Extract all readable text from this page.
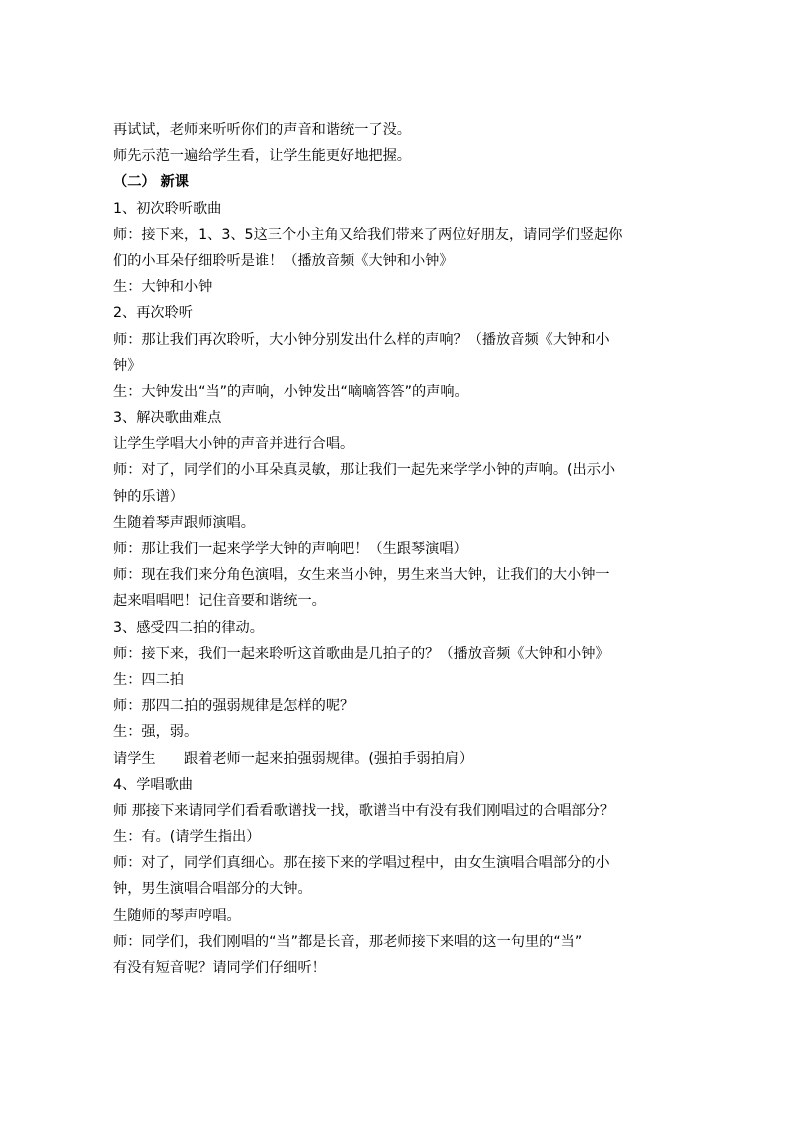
再试试，老师来听听你们的声音和谐统一了没。
师先示范一遍给学生看，让学生能更好地把握。
（二） 新课
1、初次聆听歌曲
师：接下来，1、3、5这三个小主角又给我们带来了两位好朋友，请同学们竖起你
们的小耳朵仔细聆听是谁！（播放音频《大钟和小钟》
生：大钟和小钟
2、再次聆听
师：那让我们再次聆听，大小钟分别发出什么样的声响？（播放音频《大钟和小
钟》
生：大钟发出“当”的声响，小钟发出“嘀嘀答答”的声响。
3、解决歌曲难点
让学生学唱大小钟的声音并进行合唱。
师：对了，同学们的小耳朵真灵敏，那让我们一起先来学学小钟的声响。(出示小
钟的乐谱）
生随着琴声跟师演唱。
师：那让我们一起来学学大钟的声响吧！（生跟琴演唱）
师：现在我们来分角色演唱，女生来当小钟，男生来当大钟，让我们的大小钟一
起来唱唱吧！记住音要和谐统一。
3、感受四二拍的律动。
师：接下来，我们一起来聆听这首歌曲是几拍子的？（播放音频《大钟和小钟》
生：四二拍
师：那四二拍的强弱规律是怎样的呢？
生：强，弱。
请学生　　跟着老师一起来拍强弱规律。(强拍手弱拍肩）
4、学唱歌曲
师 那接下来请同学们看看歌谱找一找，歌谱当中有没有我们刚唱过的合唱部分？
生：有。(请学生指出）
师：对了，同学们真细心。那在接下来的学唱过程中，由女生演唱合唱部分的小
钟，男生演唱合唱部分的大钟。
生随师的琴声哼唱。
师：同学们，我们刚唱的“当”都是长音，那老师接下来唱的这一句里的“当”
有没有短音呢？请同学们仔细听！
